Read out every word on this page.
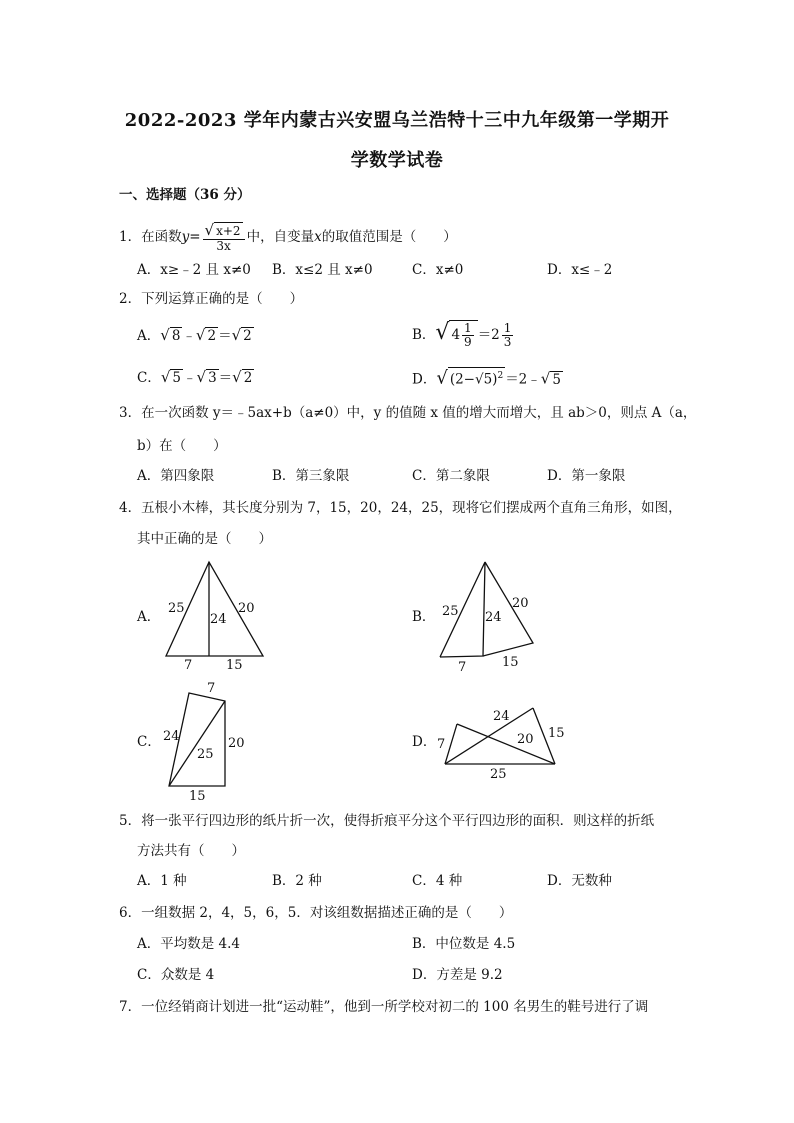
2022-2023 学年内蒙古兴安盟乌兰浩特十三中九年级第一学期开
学数学试卷
一、选择题（36 分）
1．在函数$y= \frac{√ x+2}{3x}$ 中，自变量x的取值范围是（　　）
A．x≥﹣2 且 x≠0 B．x≤2 且 x≠0	C．x≠0	D．x≤﹣2
2．下列运算正确的是（　　）
A．√ 8 ﹣√ 2 ＝√ 2	B．√ $4 \frac{1}{9} =2 \frac{1}{3}$
C．√ 5 ﹣√ 3 ＝√ 2	D．√ $(2-√5)^2$ ＝2﹣√ 5
3．在一次函数 y＝﹣5ax+b（a≠0）中，y 的值随 x 值的增大而增大，且 ab＞0，则点 A（a，
b）在（　　）
A．第四象限	B．第三象限	C．第二象限	D．第一象限
4．五根小木棒，其长度分别为 7，15，20，24，25，现将它们摆成两个直角三角形，如图，
其中正确的是（　　）
A．
25
24
20
7	15
B． 25 24
20
7	15
C．
7
24
25
20
15
D． 7
24
20 15
25
5．将一张平行四边形的纸片折一次，使得折痕平分这个平行四边形的面积．则这样的折纸
方法共有（　　）
A．1 种	B．2 种	C．4 种	D．无数种
6．一组数据 2，4，5，6，5．对该组数据描述正确的是（　　）
A．平均数是 4.4	B．中位数是 4.5
C．众数是 4	D．方差是 9.2
7．一位经销商计划进一批“运动鞋”，他到一所学校对初二的 100 名男生的鞋号进行了调
